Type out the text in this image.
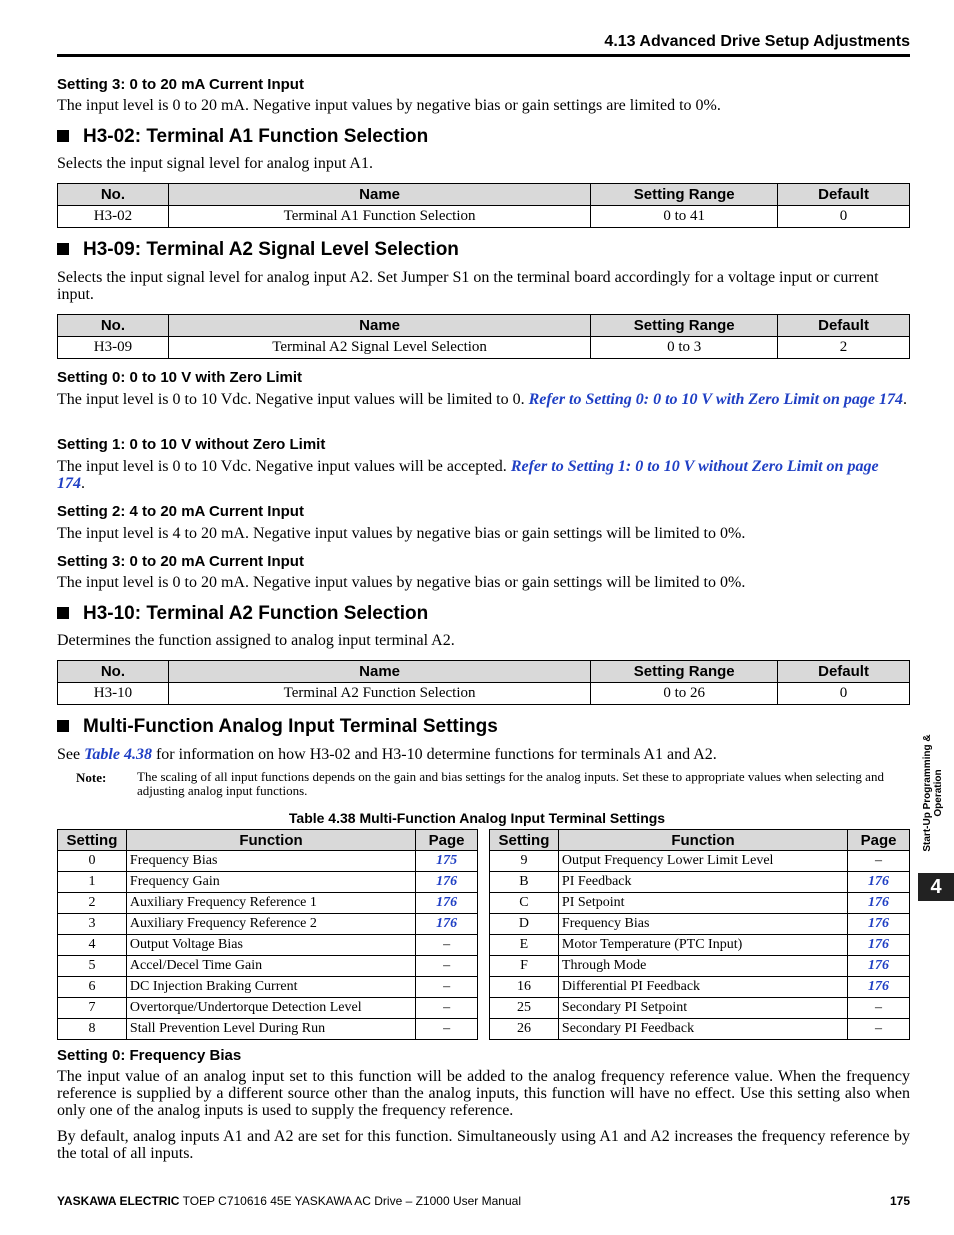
4.13 Advanced Drive Setup Adjustments
Setting 3: 0 to 20 mA Current Input
The input level is 0 to 20 mA. Negative input values by negative bias or gain settings are limited to 0%.
H3-02: Terminal A1 Function Selection
Selects the input signal level for analog input A1.
No.	Name	Setting Range	Default
H3-02	Terminal A1 Function Selection	0 to 41	0
H3-09: Terminal A2 Signal Level Selection
Selects the input signal level for analog input A2. Set Jumper S1 on the terminal board accordingly for a voltage input or current input.
No.	Name	Setting Range	Default
H3-09	Terminal A2 Signal Level Selection	0 to 3	2
Setting 0: 0 to 10 V with Zero Limit
The input level is 0 to 10 Vdc. Negative input values will be limited to 0. Refer to Setting 0: 0 to 10 V with Zero Limit on page 174.
Setting 1: 0 to 10 V without Zero Limit
The input level is 0 to 10 Vdc. Negative input values will be accepted. Refer to Setting 1: 0 to 10 V without Zero Limit on page 174.
Setting 2: 4 to 20 mA Current Input
The input level is 4 to 20 mA. Negative input values by negative bias or gain settings will be limited to 0%.
Setting 3: 0 to 20 mA Current Input
The input level is 0 to 20 mA. Negative input values by negative bias or gain settings will be limited to 0%.
H3-10: Terminal A2 Function Selection
Determines the function assigned to analog input terminal A2.
No.	Name	Setting Range	Default
H3-10	Terminal A2 Function Selection	0 to 26	0
Multi-Function Analog Input Terminal Settings
See Table 4.38 for information on how H3-02 and H3-10 determine functions for terminals A1 and A2.
Note: The scaling of all input functions depends on the gain and bias settings for the analog inputs. Set these to appropriate values when selecting and adjusting analog input functions.
Table 4.38 Multi-Function Analog Input Terminal Settings
Setting	Function	Page
0	Frequency Bias	175
1	Frequency Gain	176
2	Auxiliary Frequency Reference 1	176
3	Auxiliary Frequency Reference 2	176
4	Output Voltage Bias	–
5	Accel/Decel Time Gain	–
6	DC Injection Braking Current	–
7	Overtorque/Undertorque Detection Level	–
8	Stall Prevention Level During Run	–
Setting	Function	Page
9	Output Frequency Lower Limit Level	–
B	PI Feedback	176
C	PI Setpoint	176
D	Frequency Bias	176
E	Motor Temperature (PTC Input)	176
F	Through Mode	176
16	Differential PI Feedback	176
25	Secondary PI Setpoint	–
26	Secondary PI Feedback	–
Setting 0: Frequency Bias
The input value of an analog input set to this function will be added to the analog frequency reference value. When the frequency reference is supplied by a different source other than the analog inputs, this function will have no effect. Use this setting also when only one of the analog inputs is used to supply the frequency reference.
By default, analog inputs A1 and A2 are set for this function. Simultaneously using A1 and A2 increases the frequency reference by the total of all inputs.
Start-Up Programming & Operation
4
YASKAWA ELECTRIC TOEP C710616 45E YASKAWA AC Drive – Z1000 User Manual	175
